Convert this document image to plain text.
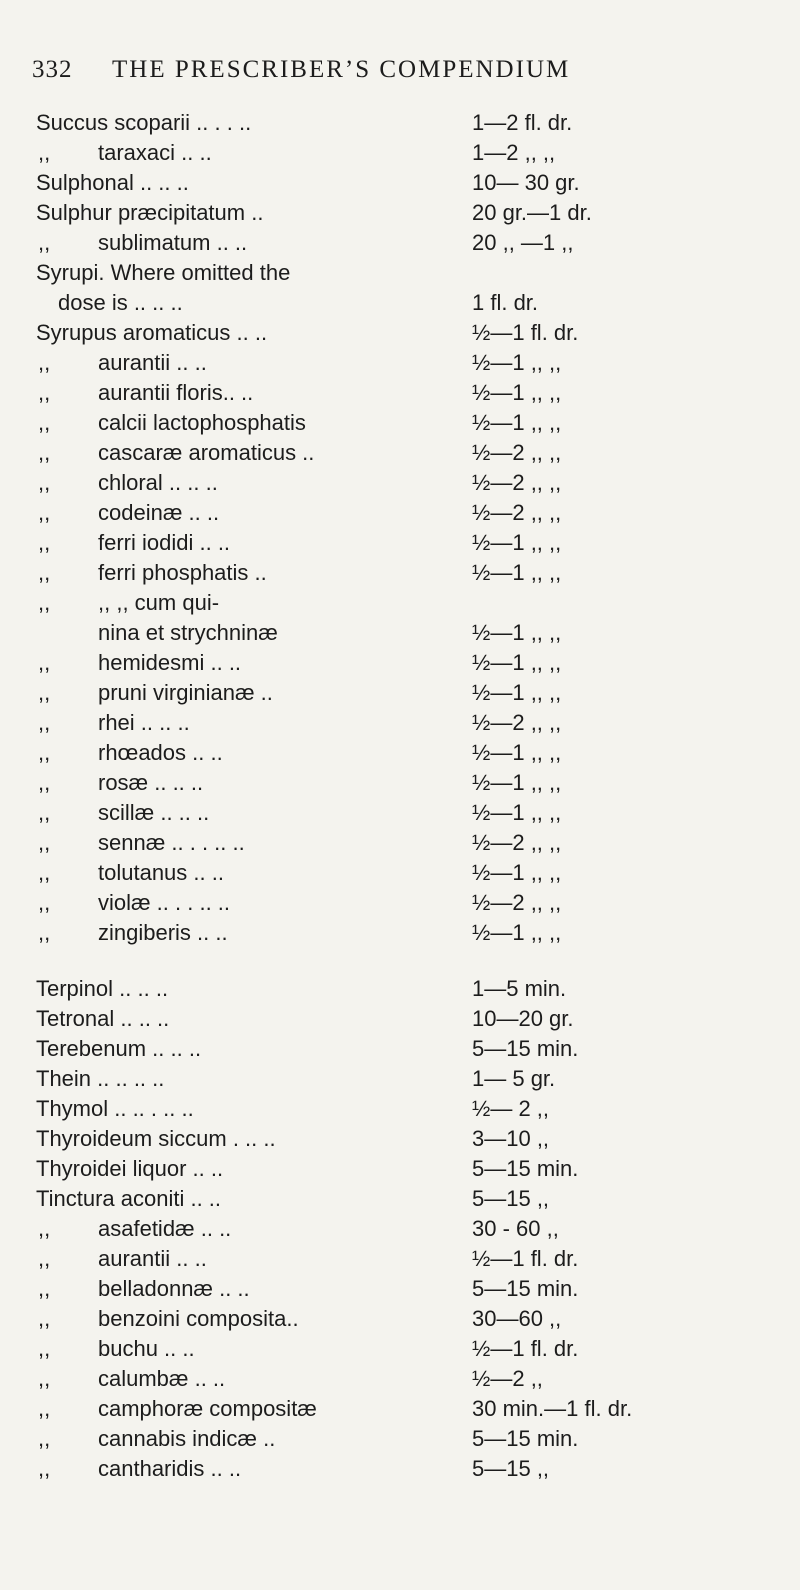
332 THE PRESCRIBER’S COMPENDIUM
Succus scoparii .. . . ..	1—2 fl. dr.
,, taraxaci .. ..	1—2 ,, ,,
Sulphonal .. .. ..	10— 30 gr.
Sulphur præcipitatum ..	20 gr.—1 dr.
,, sublimatum .. ..	20 ,, —1 ,,
Syrupi. Where omitted the
dose is .. .. ..	1 fl. dr.
Syrupus aromaticus .. ..	½—1 fl. dr.
,, aurantii .. ..	½—1 ,, ,,
,, aurantii floris.. ..	½—1 ,, ,,
,, calcii lactophosphatis	½—1 ,, ,,
,, cascaræ aromaticus ..	½—2 ,, ,,
,, chloral .. .. ..	½—2 ,, ,,
,, codeinæ .. ..	½—2 ,, ,,
,, ferri iodidi .. ..	½—1 ,, ,,
,, ferri phosphatis ..	½—1 ,, ,,
,, ,, ,, cum qui-
nina et strychninæ	½—1 ,, ,,
,, hemidesmi .. ..	½—1 ,, ,,
,, pruni virginianæ ..	½—1 ,, ,,
,, rhei .. .. ..	½—2 ,, ,,
,, rhœados .. ..	½—1 ,, ,,
,, rosæ .. .. ..	½—1 ,, ,,
,, scillæ .. .. ..	½—1 ,, ,,
,, sennæ .. . . .. ..	½—2 ,, ,,
,, tolutanus .. ..	½—1 ,, ,,
,, violæ .. . . .. ..	½—2 ,, ,,
,, zingiberis .. ..	½—1 ,, ,,
Terpinol .. .. ..	1—5 min.
Tetronal .. .. ..	10—20 gr.
Terebenum .. .. ..	5—15 min.
Thein .. .. .. ..	1— 5 gr.
Thymol .. .. . .. ..	½— 2 ,,
Thyroideum siccum . .. ..	3—10 ,,
Thyroidei liquor .. ..	5—15 min.
Tinctura aconiti .. ..	5—15 ,,
,, asafetidæ .. ..	30 - 60 ,,
,, aurantii .. ..	½—1 fl. dr.
,, belladonnæ .. ..	5—15 min.
,, benzoini composita..	30—60 ,,
,, buchu .. ..	½—1 fl. dr.
,, calumbæ .. ..	½—2 ,,
,, camphoræ compositæ	30 min.—1 fl. dr.
,, cannabis indicæ ..	5—15 min.
,, cantharidis .. ..	5—15 ,,
